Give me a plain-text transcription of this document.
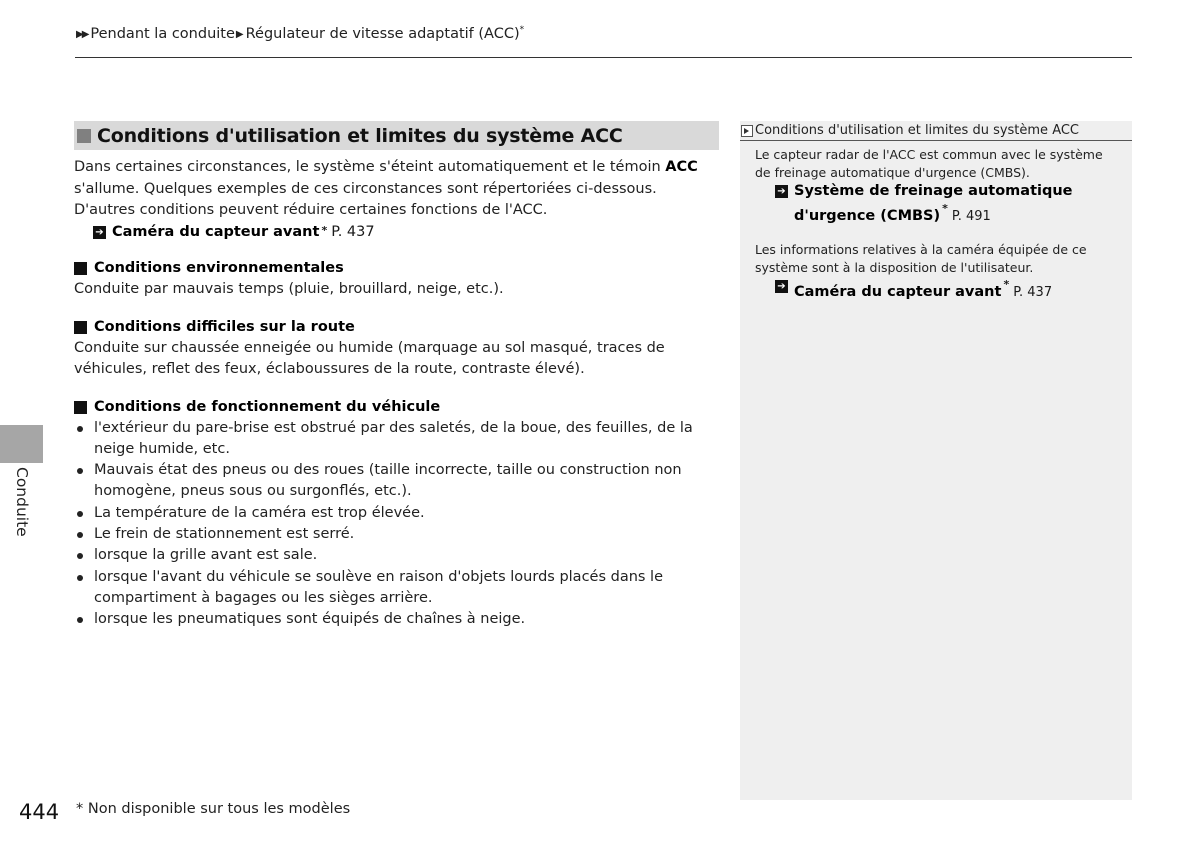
▶▶ Pendant la conduite▶ Régulateur de vitesse adaptatif (ACC)*
Conduite
Conditions d'utilisation et limites du système ACC

Dans certaines circonstances, le système s'éteint automatiquement et le témoin ACC s'allume. Quelques exemples de ces circonstances sont répertoriées ci-dessous. D'autres conditions peuvent réduire certaines fonctions de l'ACC.

➔ Caméra du capteur avant* P. 437
Conditions environnementales

Conduite par mauvais temps (pluie, brouillard, neige, etc.).

Conditions difficiles sur la route

Conduite sur chaussée enneigée ou humide (marquage au sol masqué, traces de véhicules, reflet des feux, éclaboussures de la route, contraste élevé).

Conditions de fonctionnement du véhicule
l'extérieur du pare-brise est obstrué par des saletés, de la boue, des feuilles, de la neige humide, etc.
Mauvais état des pneus ou des roues (taille incorrecte, taille ou construction non homogène, pneus sous ou surgonflés, etc.).
La température de la caméra est trop élevée.
Le frein de stationnement est serré.
lorsque la grille avant est sale.
lorsque l'avant du véhicule se soulève en raison d'objets lourds placés dans le compartiment à bagages ou les sièges arrière.
lorsque les pneumatiques sont équipés de chaînes à neige.
Conditions d'utilisation et limites du système ACC

Le capteur radar de l'ACC est commun avec le système de freinage automatique d'urgence (CMBS).

➔ Système de freinage automatique
d'urgence (CMBS) *P. 491

Les informations relatives à la caméra équipée de ce système sont à la disposition de l'utilisateur.

➔ Caméra du capteur avant *P. 437
444 * Non disponible sur tous les modèles
